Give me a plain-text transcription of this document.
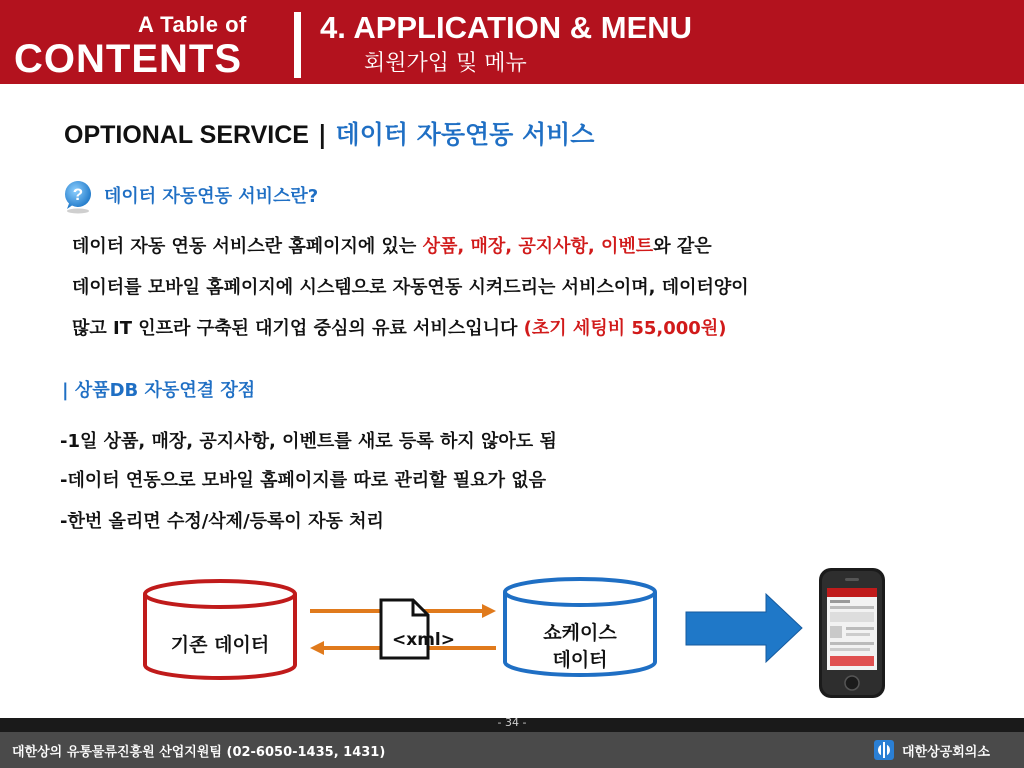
A Table of
CONTENTS
4. APPLICATION & MENU
회원가입 및 메뉴
OPTIONAL SERVICE | 데이터 자동연동 서비스
? 데이터 자동연동 서비스란?
데이터 자동 연동 서비스란 홈페이지에 있는 상품, 매장, 공지사항, 이벤트와 같은
데이터를 모바일 홈페이지에 시스템으로 자동연동 시켜드리는 서비스이며, 데이터양이
많고 IT 인프라 구축된 대기업 중심의 유료 서비스입니다 (초기 세팅비 55,000원)
| 상품DB 자동연결 장점
-1일 상품, 매장, 공지사항, 이벤트를 새로 등록 하지 않아도 됨
-데이터 연동으로 모바일 홈페이지를 따로 관리할 필요가 없음
-한번 올리면 수정/삭제/등록이 자동 처리
기존 데이터	<xml>	쇼케이스
데이터
- 34 -
대한상의 유통물류진흥원 산업지원팀 (02-6050-1435, 1431)	대한상공회의소
